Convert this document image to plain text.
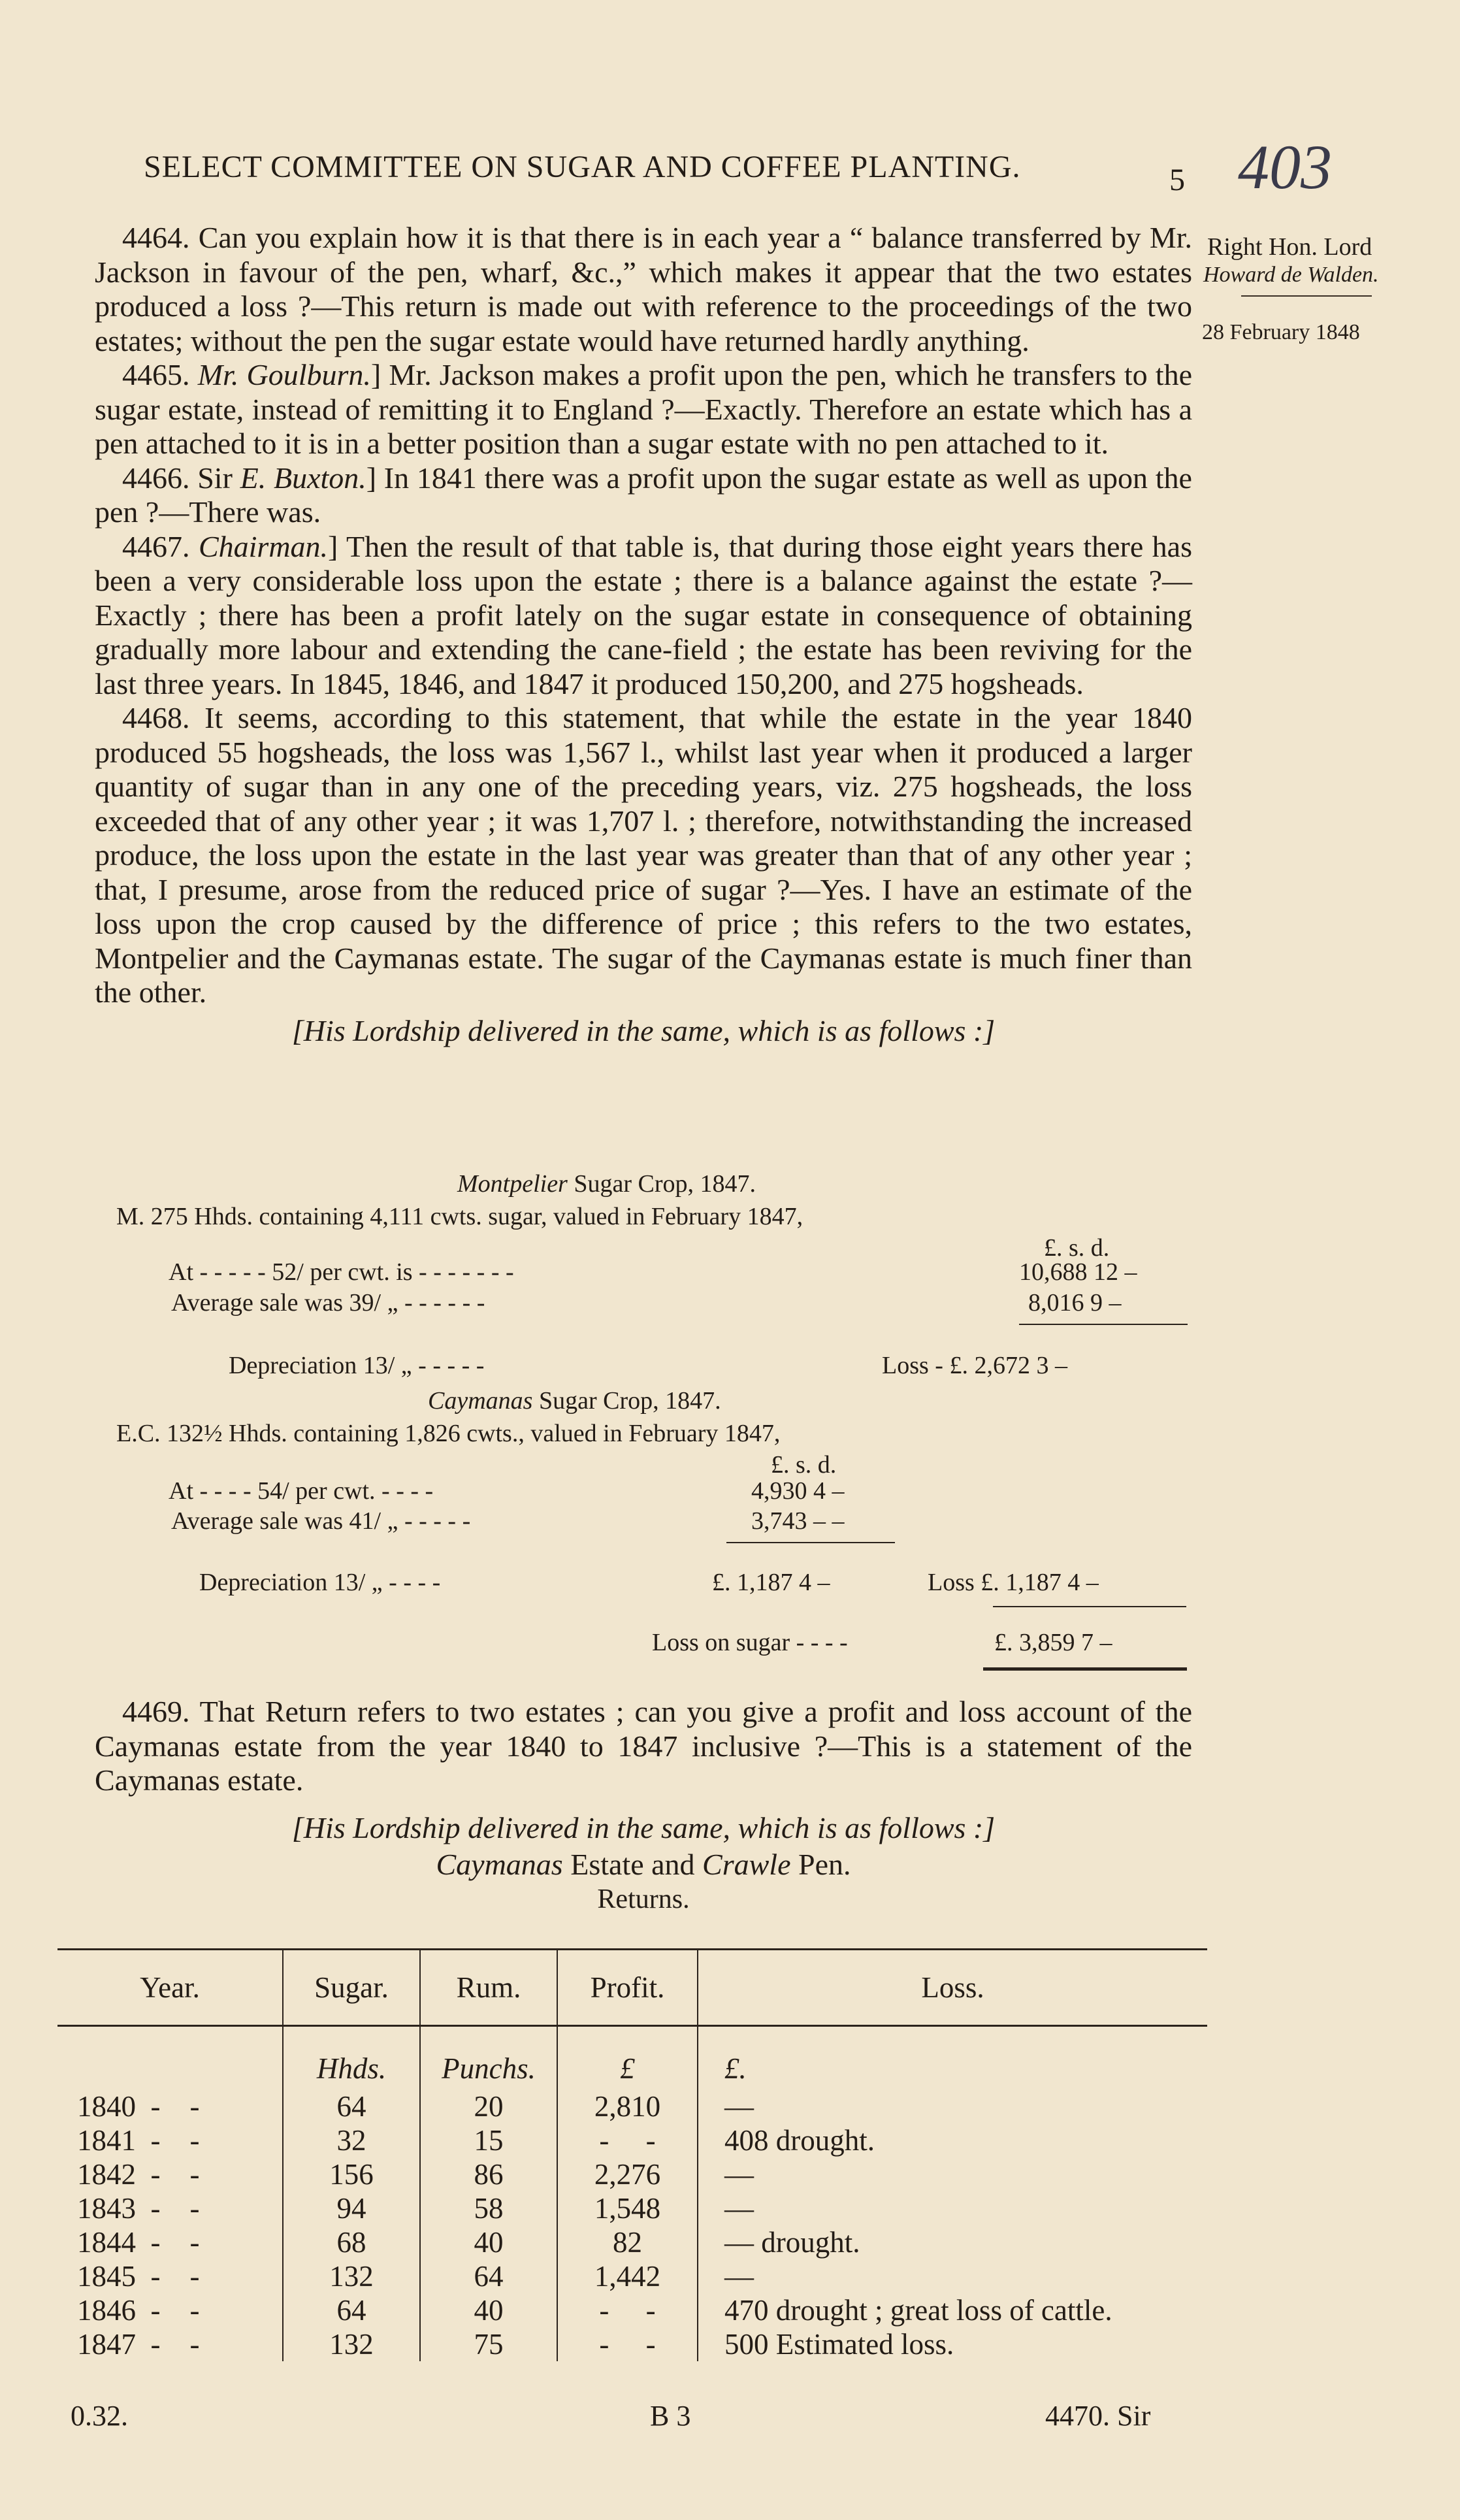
SELECT COMMITTEE ON SUGAR AND COFFEE PLANTING.	5 403
Right Hon. Lord
Howard de Walden.
28 February 1848

4464. Can you explain how it is that there is in each year a “ balance transferred by Mr. Jackson in favour of the pen, wharf, &c.,” which makes it appear that the two estates produced a loss ?—This return is made out with reference to the proceedings of the two estates; without the pen the sugar estate would have returned hardly anything.

4465. Mr. Goulburn.] Mr. Jackson makes a profit upon the pen, which he transfers to the sugar estate, instead of remitting it to England ?—Exactly. Therefore an estate which has a pen attached to it is in a better position than a sugar estate with no pen attached to it.

4466. Sir E. Buxton.] In 1841 there was a profit upon the sugar estate as well as upon the pen ?—There was.

4467. Chairman.] Then the result of that table is, that during those eight years there has been a very considerable loss upon the estate ; there is a balance against the estate ?—Exactly ; there has been a profit lately on the sugar estate in consequence of obtaining gradually more labour and extending the cane-field ; the estate has been reviving for the last three years. In 1845, 1846, and 1847 it produced 150,200, and 275 hogsheads.

4468. It seems, according to this statement, that while the estate in the year 1840 produced 55 hogsheads, the loss was 1,567 l., whilst last year when it produced a larger quantity of sugar than in any one of the preceding years, viz. 275 hogsheads, the loss exceeded that of any other year ; it was 1,707 l. ; therefore, notwithstanding the increased produce, the loss upon the estate in the last year was greater than that of any other year ; that, I presume, arose from the reduced price of sugar ?—Yes. I have an estimate of the loss upon the crop caused by the difference of price ; this refers to the two estates, Montpelier and the Caymanas estate. The sugar of the Caymanas estate is much finer than the other.

[His Lordship delivered in the same, which is as follows :]

Montpelier Sugar Crop, 1847.
M. 275 Hhds. containing 4,111 cwts. sugar, valued in February 1847,
£. s. d.
At - - - - - 52/ per cwt. is - - - - - - -	10,688 12 –
Average sale was 39/ „ - - - - - -	8,016 9 –
Depreciation 13/ „ - - - - -	Loss - £. 2,672 3 –
Caymanas Sugar Crop, 1847.
E.C. 132½ Hhds. containing 1,826 cwts., valued in February 1847,
£. s. d.
At - - - - 54/ per cwt. - - - -	4,930 4 –
Average sale was 41/ „ - - - - -	3,743 – –
Depreciation 13/ „ - - - -	£. 1,187 4 –	Loss £. 1,187 4 –
Loss on sugar - - - -	£. 3,859 7 –

4469. That Return refers to two estates ; can you give a profit and loss account of the Caymanas estate from the year 1840 to 1847 inclusive ?—This is a statement of the Caymanas estate.

[His Lordship delivered in the same, which is as follows :]

Caymanas Estate and Crawle Pen.

Returns.

Year.	Sugar.	Rum.	Profit.	Loss.
	Hhds.	Punchs.	£	£.
1840  -    -	64	20	2,810	—
1841  -    -	32	15	-     -	408 drought.
1842  -    -	156	86	2,276	—
1843  -    -	94	58	1,548	—
1844  -    -	68	40	82	— drought.
1845  -    -	132	64	1,442	—
1846  -    -	64	40	-     -	470 drought ; great loss of cattle.
1847  -    -	132	75	-     -	500 Estimated loss.
0.32.	B 3	4470. Sir
